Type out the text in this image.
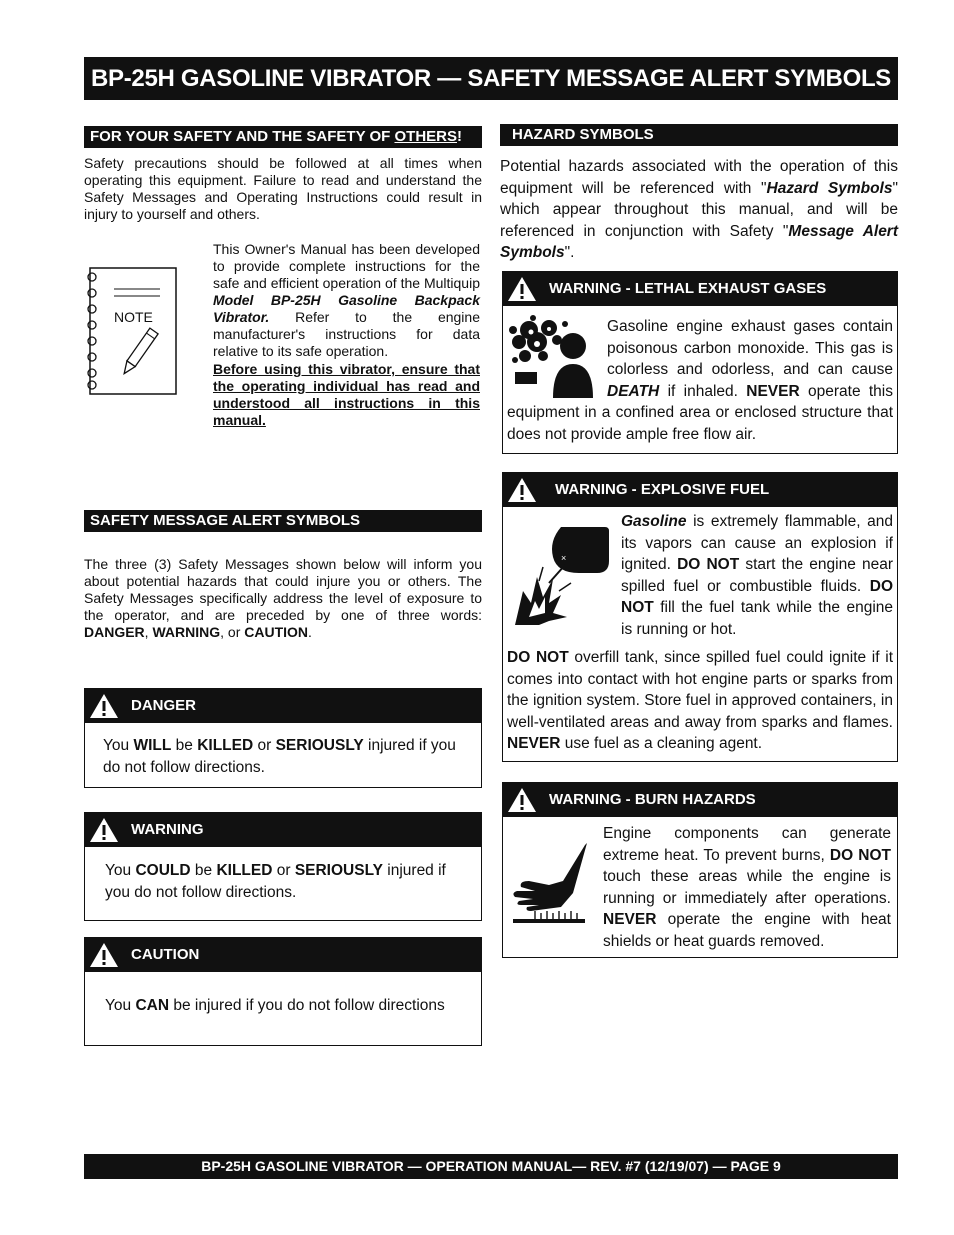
BP-25H GASOLINE VIBRATOR — SAFETY MESSAGE ALERT SYMBOLS
FOR YOUR SAFETY AND THE SAFETY OF OTHERS!
Safety precautions should be followed at all times when operating this equipment. Failure to read and understand the Safety Messages and Operating Instructions could result in injury to yourself and others.
NOTE
This Owner's Manual has been developed to provide complete instructions for the safe and efficient operation of the Multiquip Model BP-25H Gasoline Backpack Vibrator. Refer to the engine manufacturer's instructions for data relative to its safe operation.
Before using this vibrator, ensure that the operating individual has read and understood all instructions in this manual.
SAFETY MESSAGE ALERT SYMBOLS
The three (3) Safety Messages shown below will inform you about potential hazards that could injure you or others. The Safety Messages specifically address the level of exposure to the operator, and are preceded by one of three words: DANGER, WARNING, or CAUTION.
DANGER
You WILL be KILLED or SERIOUSLY injured if you do not follow directions.
WARNING
You COULD be KILLED or SERIOUSLY injured if you do not follow directions.
CAUTION
You CAN be injured if you do not follow directions
HAZARD SYMBOLS
Potential hazards associated with the operation of this equipment will be referenced with "Hazard Symbols" which appear throughout this manual, and will be referenced in conjunction with Safety "Message Alert Symbols".
WARNING - LETHAL EXHAUST GASES
Gasoline engine exhaust gases contain poisonous carbon monoxide. This gas is colorless and odorless, and can cause DEATH if inhaled. NEVER operate this equipment in a confined area or enclosed structure that does not provide ample free flow air.
WARNING - EXPLOSIVE FUEL
×
Gasoline is extremely flammable, and its vapors can cause an explosion if ignited. DO NOT start the engine near spilled fuel or combustible fluids. DO NOT fill the fuel tank while the engine is running or hot.
DO NOT overfill tank, since spilled fuel could ignite if it comes into contact with hot engine parts or sparks from the ignition system. Store fuel in approved containers, in well-ventilated areas and away from sparks and flames. NEVER use fuel as a cleaning agent.
WARNING - BURN HAZARDS
Engine components can generate extreme heat. To prevent burns, DO NOT touch these areas while the engine is running or immediately after operations. NEVER operate the engine with heat shields or heat guards removed.
BP-25H GASOLINE VIBRATOR — OPERATION MANUAL— REV. #7 (12/19/07) — PAGE 9
